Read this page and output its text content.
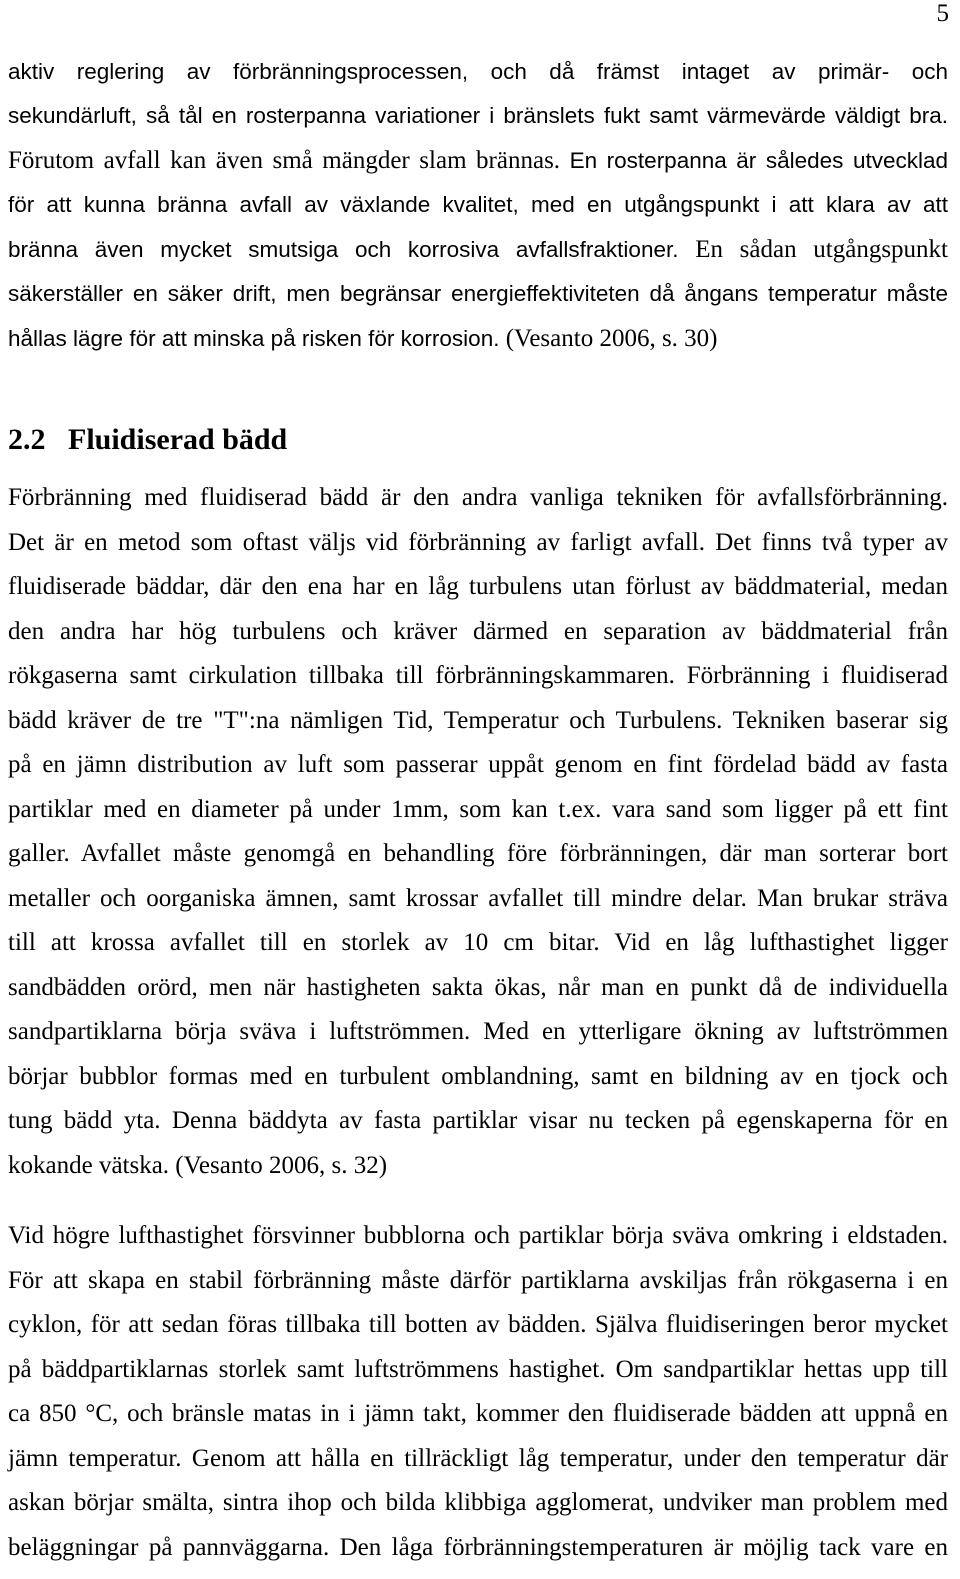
5
aktiv reglering av förbränningsprocessen, och då främst intaget av primär- och
sekundärluft, så tål en rosterpanna variationer i bränslets fukt samt värmevärde väldigt bra.
Förutom avfall kan även små mängder slam brännas. En rosterpanna är således utvecklad
för att kunna bränna avfall av växlande kvalitet, med en utgångspunkt i att klara av att
bränna även mycket smutsiga och korrosiva avfallsfraktioner. En sådan utgångspunkt
säkerställer en säker drift, men begränsar energieffektiviteten då ångans temperatur måste
hållas lägre för att minska på risken för korrosion. (Vesanto 2006, s. 30)
2.2 Fluidiserad bädd
Förbränning med fluidiserad bädd är den andra vanliga tekniken för avfallsförbränning.
Det är en metod som oftast väljs vid förbränning av farligt avfall. Det finns två typer av
fluidiserade bäddar, där den ena har en låg turbulens utan förlust av bäddmaterial, medan
den andra har hög turbulens och kräver därmed en separation av bäddmaterial från
rökgaserna samt cirkulation tillbaka till förbränningskammaren. Förbränning i fluidiserad
bädd kräver de tre "T":na nämligen Tid, Temperatur och Turbulens. Tekniken baserar sig
på en jämn distribution av luft som passerar uppåt genom en fint fördelad bädd av fasta
partiklar med en diameter på under 1mm, som kan t.ex. vara sand som ligger på ett fint
galler. Avfallet måste genomgå en behandling före förbränningen, där man sorterar bort
metaller och oorganiska ämnen, samt krossar avfallet till mindre delar. Man brukar sträva
till att krossa avfallet till en storlek av 10 cm bitar. Vid en låg lufthastighet ligger
sandbädden orörd, men när hastigheten sakta ökas, når man en punkt då de individuella
sandpartiklarna börja sväva i luftströmmen. Med en ytterligare ökning av luftströmmen
börjar bubblor formas med en turbulent omblandning, samt en bildning av en tjock och
tung bädd yta. Denna bäddyta av fasta partiklar visar nu tecken på egenskaperna för en
kokande vätska. (Vesanto 2006, s. 32)
Vid högre lufthastighet försvinner bubblorna och partiklar börja sväva omkring i eldstaden.
För att skapa en stabil förbränning måste därför partiklarna avskiljas från rökgaserna i en
cyklon, för att sedan föras tillbaka till botten av bädden. Själva fluidiseringen beror mycket
på bäddpartiklarnas storlek samt luftströmmens hastighet. Om sandpartiklar hettas upp till
ca 850 °C, och bränsle matas in i jämn takt, kommer den fluidiserade bädden att uppnå en
jämn temperatur. Genom att hålla en tillräckligt låg temperatur, under den temperatur där
askan börjar smälta, sintra ihop och bilda klibbiga agglomerat, undviker man problem med
beläggningar på pannväggarna. Den låga förbränningstemperaturen är möjlig tack vare en
